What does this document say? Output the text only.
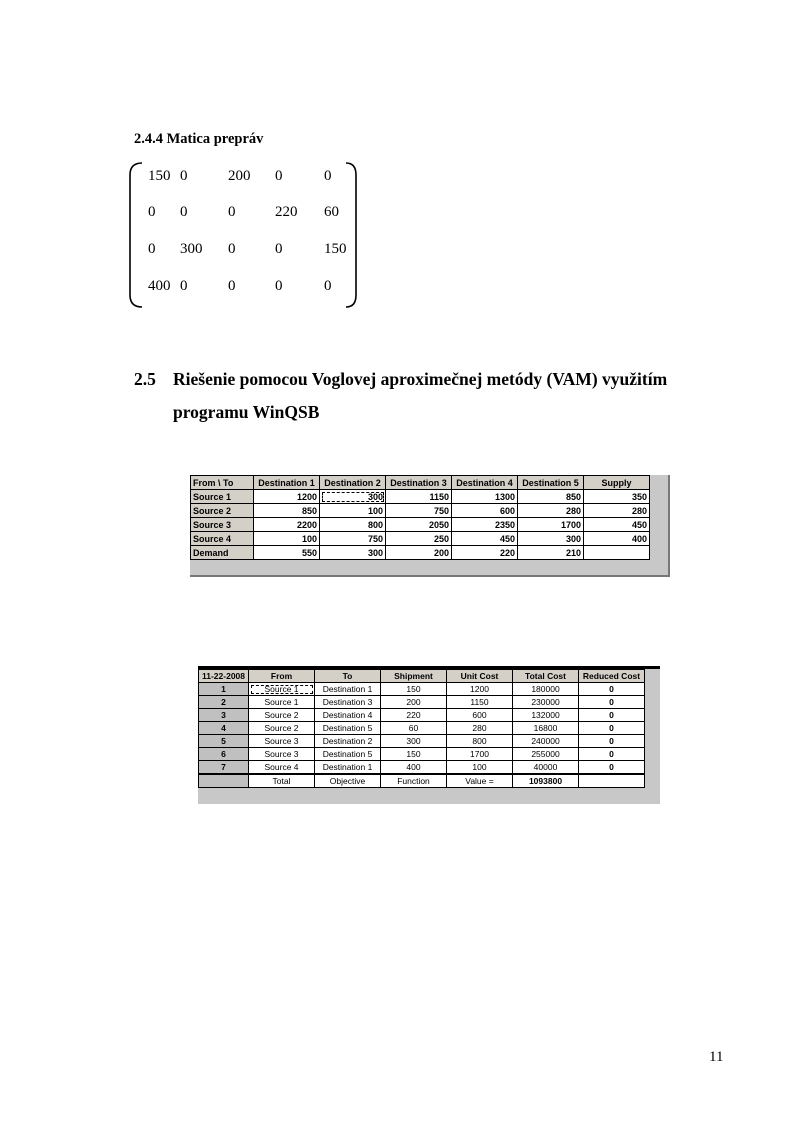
2.4.4 Matica prepráv
150 0	200 0	0
0 0	0	220 60
0 300 0	0	150
400 0	0	0	0
2.5 Riešenie pomocou Voglovej aproximečnej metódy (VAM) využitím
programu WinQSB
From \ To	Destination 1	Destination 2	Destination 3	Destination 4	Destination 5	Supply
Source 1	1200	300	1150	1300	850	350
Source 2	850	100	750	600	280	280
Source 3	2200	800	2050	2350	1700	450
Source 4	100	750	250	450	300	400
Demand	550	300	200	220	210	
11-22-2008	From	To	Shipment	Unit Cost	Total Cost	Reduced Cost
1	Source 1	Destination 1	150	1200	180000	0
2	Source 1	Destination 3	200	1150	230000	0
3	Source 2	Destination 4	220	600	132000	0
4	Source 2	Destination 5	60	280	16800	0
5	Source 3	Destination 2	300	800	240000	0
6	Source 3	Destination 5	150	1700	255000	0
7	Source 4	Destination 1	400	100	40000	0
	Total	Objective	Function	Value =	1093800	
11
